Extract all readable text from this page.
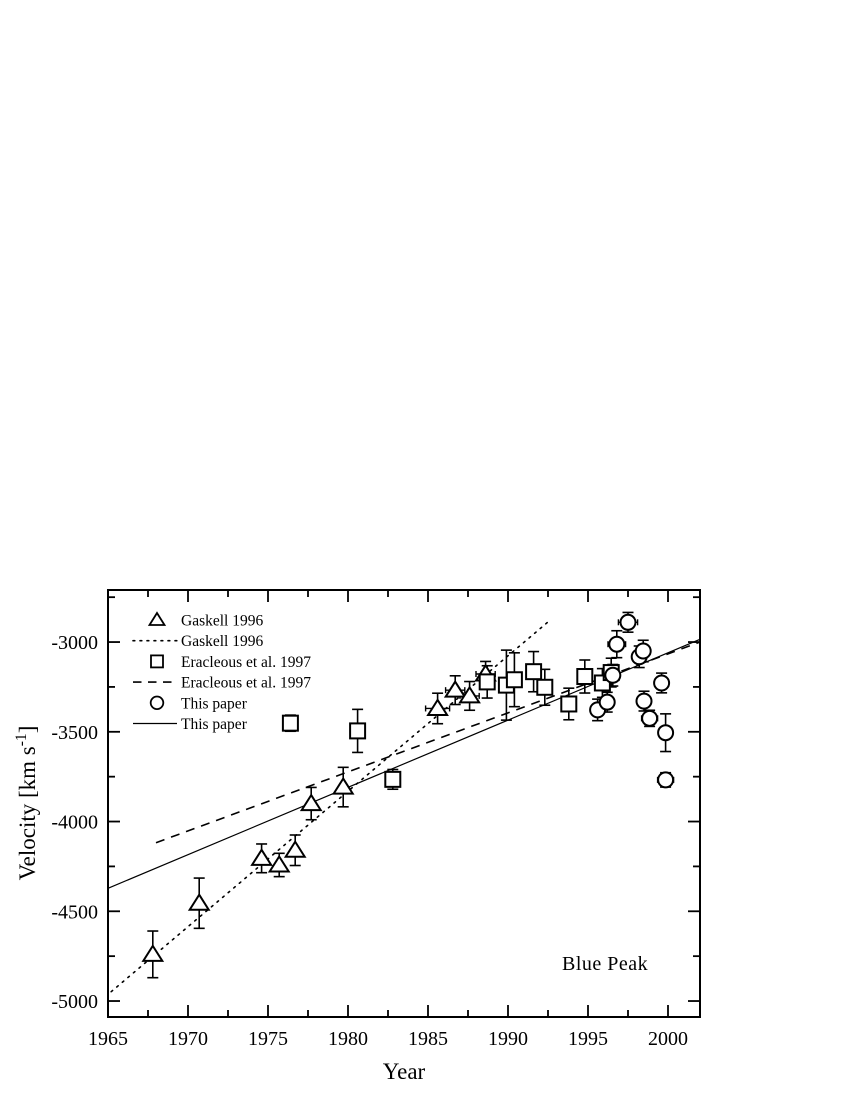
1965 1970 1975 1980 1985 1990 1995 2000
-3000
-3500
-4000
-4500
-5000
Gaskell 1996
Gaskell 1996
Eracleous et al. 1997
Eracleous et al. 1997
This paper
This paper
Year
Velocity [km $s^{-1}$]
Blue Peak
